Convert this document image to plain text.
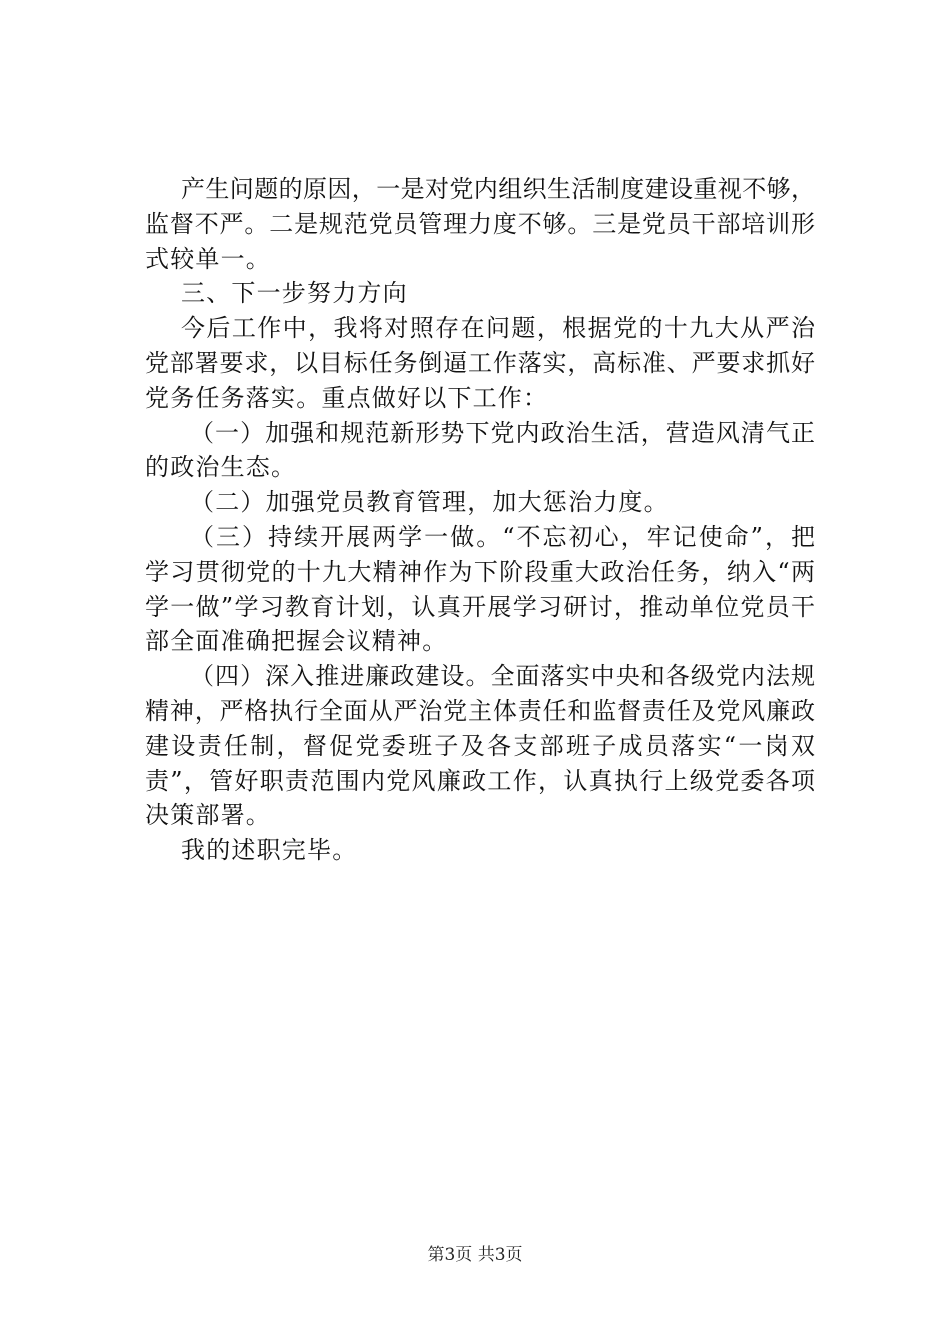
产生问题的原因，一是对党内组织生活制度建设重视不够，
监督不严。二是规范党员管理力度不够。三是党员干部培训形
式较单一。
三、下一步努力方向
今后工作中，我将对照存在问题，根据党的十九大从严治
党部署要求，以目标任务倒逼工作落实，高标准、严要求抓好
党务任务落实。重点做好以下工作：
（一）加强和规范新形势下党内政治生活，营造风清气正
的政治生态。
（二）加强党员教育管理，加大惩治力度。
（三）持续开展两学一做。“不忘初心，牢记使命”，把
学习贯彻党的十九大精神作为下阶段重大政治任务，纳入“两
学一做”学习教育计划，认真开展学习研讨，推动单位党员干
部全面准确把握会议精神。
（四）深入推进廉政建设。全面落实中央和各级党内法规
精神，严格执行全面从严治党主体责任和监督责任及党风廉政
建设责任制，督促党委班子及各支部班子成员落实“一岗双
责”，管好职责范围内党风廉政工作，认真执行上级党委各项
决策部署。
我的述职完毕。
第3页 共3页
